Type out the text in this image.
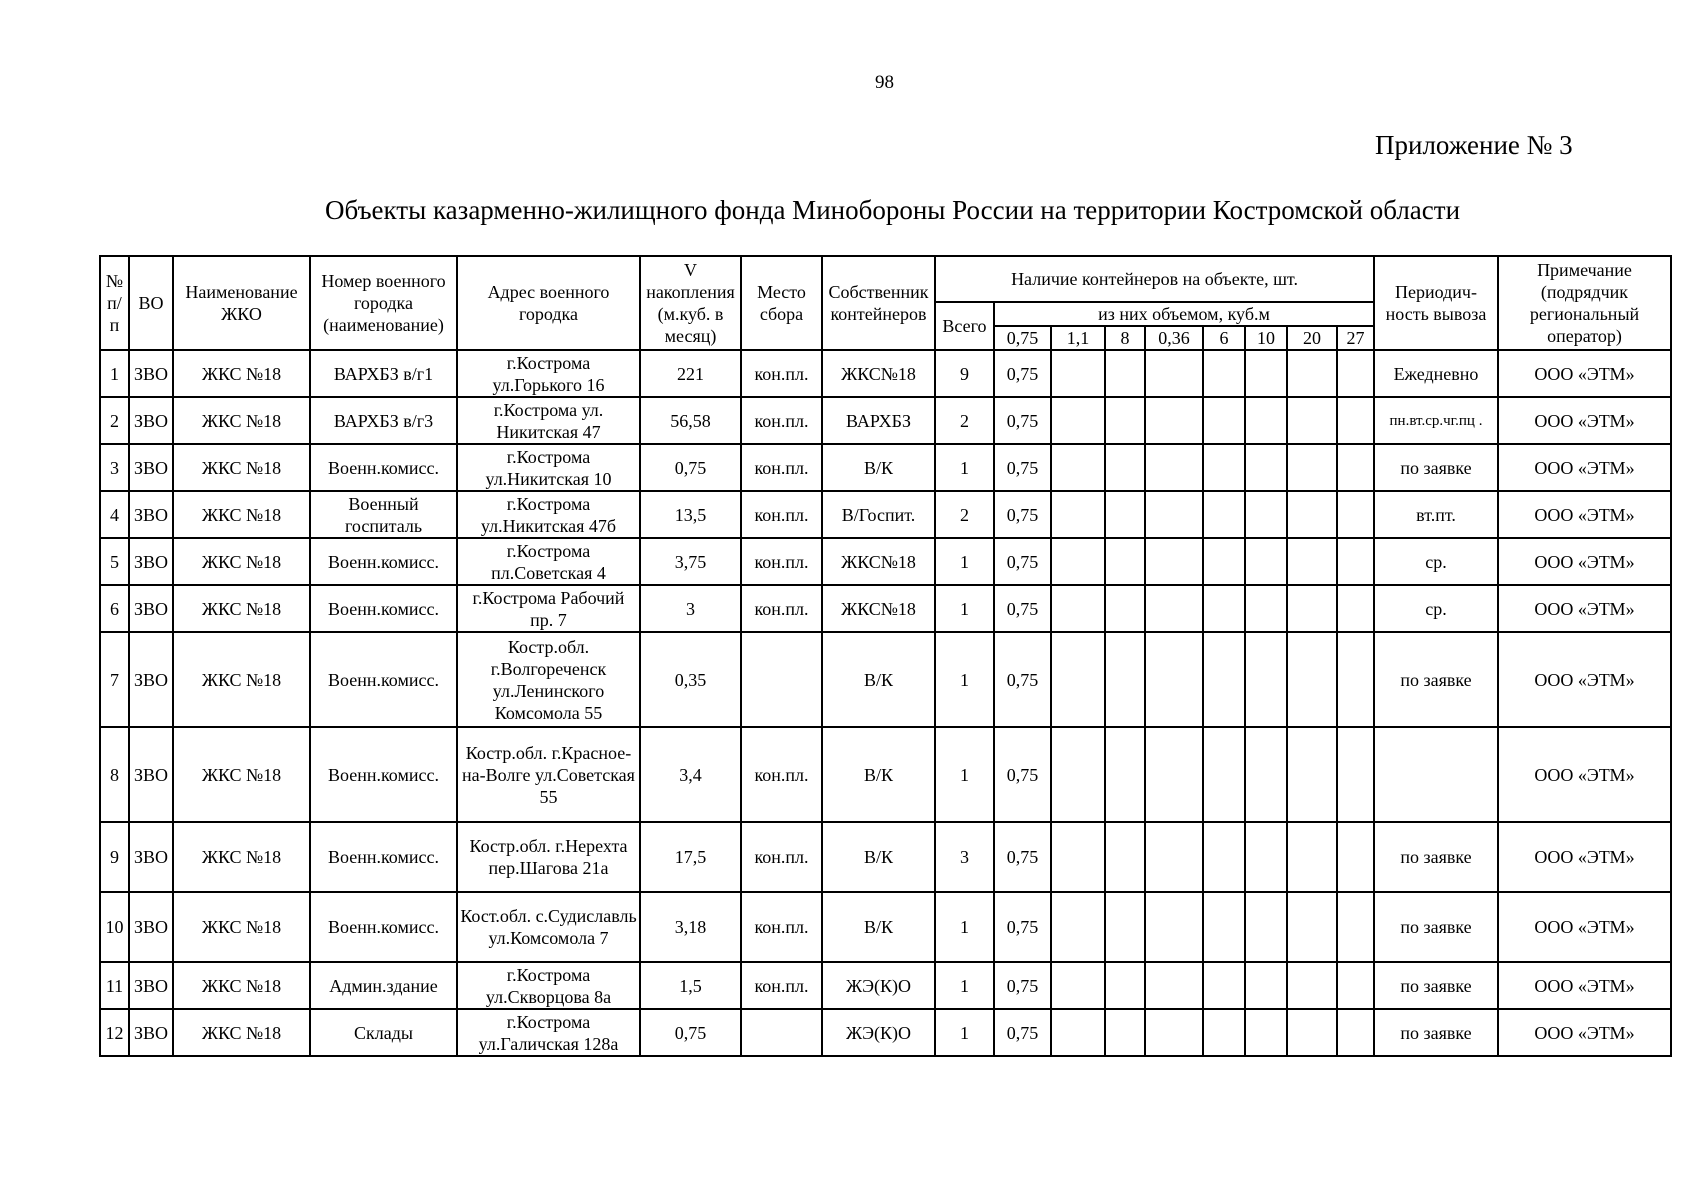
98
Приложение № 3
Объекты казарменно-жилищного фонда Минобороны России на территории Костромской области
№ п/п	ВО	Наименование ЖКО	Номер военного городка (наименование)	Адрес военного городка	V накопления (м.куб. в месяц)	Место сбора	Собственник контейнеров	Наличие контейнеров на объекте, шт.									Периодич-ность вывоза	Примечание (подрядчик региональный оператор)
								Всего	из них объемом, куб.м									
									0,75	1,1	8	0,36	6	10	20	27		
1	ЗВО	ЖКС №18	ВАРХБЗ в/г1	г.Кострома ул.Горького 16	221	кон.пл.	ЖКС№18	9	0,75								Ежедневно	ООО «ЭТМ»
2	ЗВО	ЖКС №18	ВАРХБЗ в/г3	г.Кострома ул. Никитская 47	56,58	кон.пл.	ВАРХБЗ	2	0,75								пн.вт.ср.чг.пц .	ООО «ЭТМ»
3	ЗВО	ЖКС №18	Военн.комисс.	г.Кострома ул.Никитская 10	0,75	кон.пл.	В/К	1	0,75								по заявке	ООО «ЭТМ»
4	ЗВО	ЖКС №18	Военный госпиталь	г.Кострома ул.Никитская 47б	13,5	кон.пл.	В/Госпит.	2	0,75								вт.пт.	ООО «ЭТМ»
5	ЗВО	ЖКС №18	Военн.комисс.	г.Кострома пл.Советская 4	3,75	кон.пл.	ЖКС№18	1	0,75								ср.	ООО «ЭТМ»
6	ЗВО	ЖКС №18	Военн.комисс.	г.Кострома Рабочий пр. 7	3	кон.пл.	ЖКС№18	1	0,75								ср.	ООО «ЭТМ»
7	ЗВО	ЖКС №18	Военн.комисс.	Костр.обл. г.Волгореченск ул.Ленинского Комсомола 55	0,35		В/К	1	0,75								по заявке	ООО «ЭТМ»
8	ЗВО	ЖКС №18	Военн.комисс.	Костр.обл. г.Красное-на-Волге ул.Советская 55	3,4	кон.пл.	В/К	1	0,75									ООО «ЭТМ»
9	ЗВО	ЖКС №18	Военн.комисс.	Костр.обл. г.Нерехта пер.Шагова 21а	17,5	кон.пл.	В/К	3	0,75								по заявке	ООО «ЭТМ»
10	ЗВО	ЖКС №18	Военн.комисс.	Кост.обл. с.Судиславль ул.Комсомола 7	3,18	кон.пл.	В/К	1	0,75								по заявке	ООО «ЭТМ»
11	ЗВО	ЖКС №18	Админ.здание	г.Кострома ул.Скворцова 8а	1,5	кон.пл.	ЖЭ(К)О	1	0,75								по заявке	ООО «ЭТМ»
12	ЗВО	ЖКС №18	Склады	г.Кострома ул.Галичская 128а	0,75		ЖЭ(К)О	1	0,75								по заявке	ООО «ЭТМ»
